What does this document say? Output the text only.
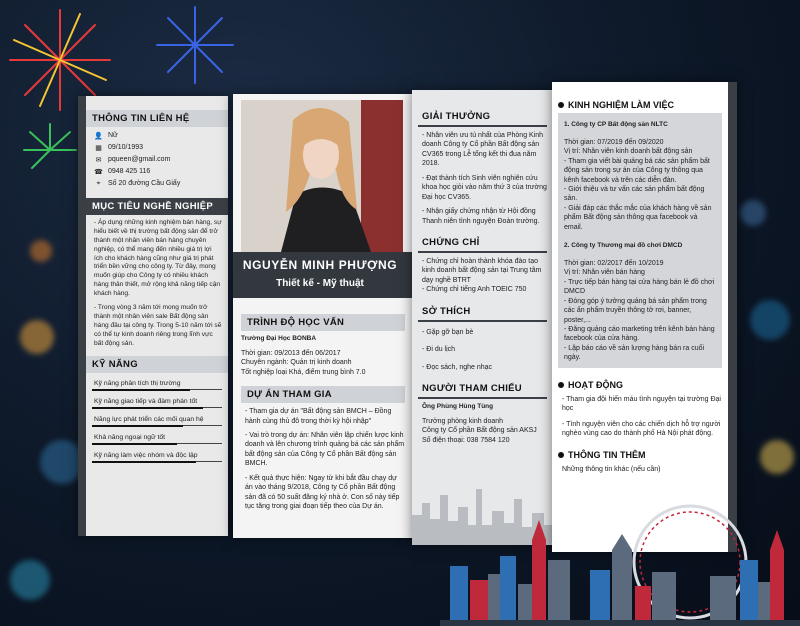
THÔNG TIN LIÊN HỆ
👤 Nữ
▦ 09/10/1993
✉ pqueen@gmail.com
☎ 0948 425 116
⌖	Số 20 đường Cầu Giấy
MỤC TIÊU NGHỀ NGHIỆP

- Áp dụng những kinh nghiệm bán hàng, sự hiểu biết về thị trường bất động sản để trở thành một nhân viên bán hàng chuyên nghiệp, có thể mang đến nhiều giá trị lợi ích cho khách hàng cũng như giá trị phát triển bền vững cho công ty. Từ đây, mong muốn giúp cho Công ty có nhiều khách hàng thân thiết, mở rộng khả năng tiếp cận khách hàng.

- Trong vòng 3 năm tới mong muốn trở thành một nhân viên sale Bất động sản hàng đầu tại công ty. Trong 5-10 năm tới sẽ có thể tự kinh doanh riêng trong lĩnh vực bất động sản.

KỸ NĂNG
Kỹ năng phân tích thị trường
Kỹ năng giao tiếp và đàm phán tốt
Năng lực phát triển các mối quan hệ
Khả năng ngoại ngữ tốt
Kỹ năng làm việc nhóm và độc lập
NGUYỄN MINH PHƯỢNG
Thiết kế - Mỹ thuật
TRÌNH ĐỘ HỌC VẤN
Trường Đại Học BONBA
Thời gian: 09/2013 đến 06/2017
Chuyên ngành: Quản trị kinh doanh
Tốt nghiệp loại Khá, điểm trung bình 7.0
DỰ ÁN THAM GIA

- Tham gia dự án "Bất động sản BMCH – Đồng hành cùng thủ đô trong thời kỳ hội nhập"

- Vai trò trong dự án: Nhân viên lập chiến lược kinh doanh và lên chương trình quảng bá các sản phẩm bất động sản của Công ty Cổ phần Bất động sản BMCH.

- Kết quả thực hiện: Ngay từ khi bắt đầu chạy dự án vào tháng 9/2018, Công ty Cổ phần Bất động sản đã có 50 suất đăng ký nhà ở. Con số này tiếp tục tăng trong giai đoạn tiếp theo của Dự án.

GIẢI THƯỞNG

- Nhân viên ưu tú nhất của Phòng Kinh doanh Công ty Cổ phần Bất động sản CV365 trong Lễ tổng kết thi đua năm 2018.

- Đạt thành tích Sinh viên nghiên cứu khoa học giỏi vào năm thứ 3 của trường Đại học CV365.

- Nhận giấy chứng nhận từ Hội đồng Thanh niên tình nguyện Đoàn trường.

CHỨNG CHỈ

- Chứng chỉ hoàn thành khóa đào tạo kinh doanh bất động sản tại Trung tâm dạy nghề BTRT

- Chứng chỉ tiếng Anh TOEIC 750

SỞ THÍCH

- Gặp gỡ bạn bè

- Đi du lịch

- Đọc sách, nghe nhạc

NGƯỜI THAM CHIẾU
Ông Phùng Hùng Tùng
Trưởng phòng kinh doanh
Công ty Cổ phần Bất động sản AKSJ
Số điện thoại: 038 7584 120
KINH NGHIỆM LÀM VIỆC
1. Công ty CP Bất động sản NLTC
Thời gian: 07/2019 đến 09/2020
Vị trí: Nhân viên kinh doanh bất động sản
- Tham gia viết bài quảng bá các sản phẩm bất động sản trong sự án của Công ty thông qua kênh facebook và trên các diễn đàn.
- Giới thiệu và tư vấn các sản phẩm bất động sản.
- Giải đáp các thắc mắc của khách hàng về sản phẩm Bất động sản thông qua facebook và email.
2. Công ty Thương mại đồ chơi DMCD
Thời gian: 02/2017 đến 10/2019
Vị trí: Nhân viên bán hàng
- Trực tiếp bán hàng tại cửa hàng bán lẻ đồ chơi DMCD
- Đóng góp ý tưởng quảng bá sản phẩm trong các ấn phẩm truyền thông tờ rơi, banner, poster,...
- Đăng quảng cáo marketing trên kênh bán hàng facebook của cửa hàng.
- Lập báo cáo về sản lượng hàng bán ra cuối ngày.
HOẠT ĐỘNG

- Tham gia đội hiến máu tình nguyện tại trường Đại học

- Tình nguyện viên cho các chiến dịch hỗ trợ người nghèo vùng cao do thành phố Hà Nội phát động.

THÔNG TIN THÊM

Những thông tin khác (nếu cần)
